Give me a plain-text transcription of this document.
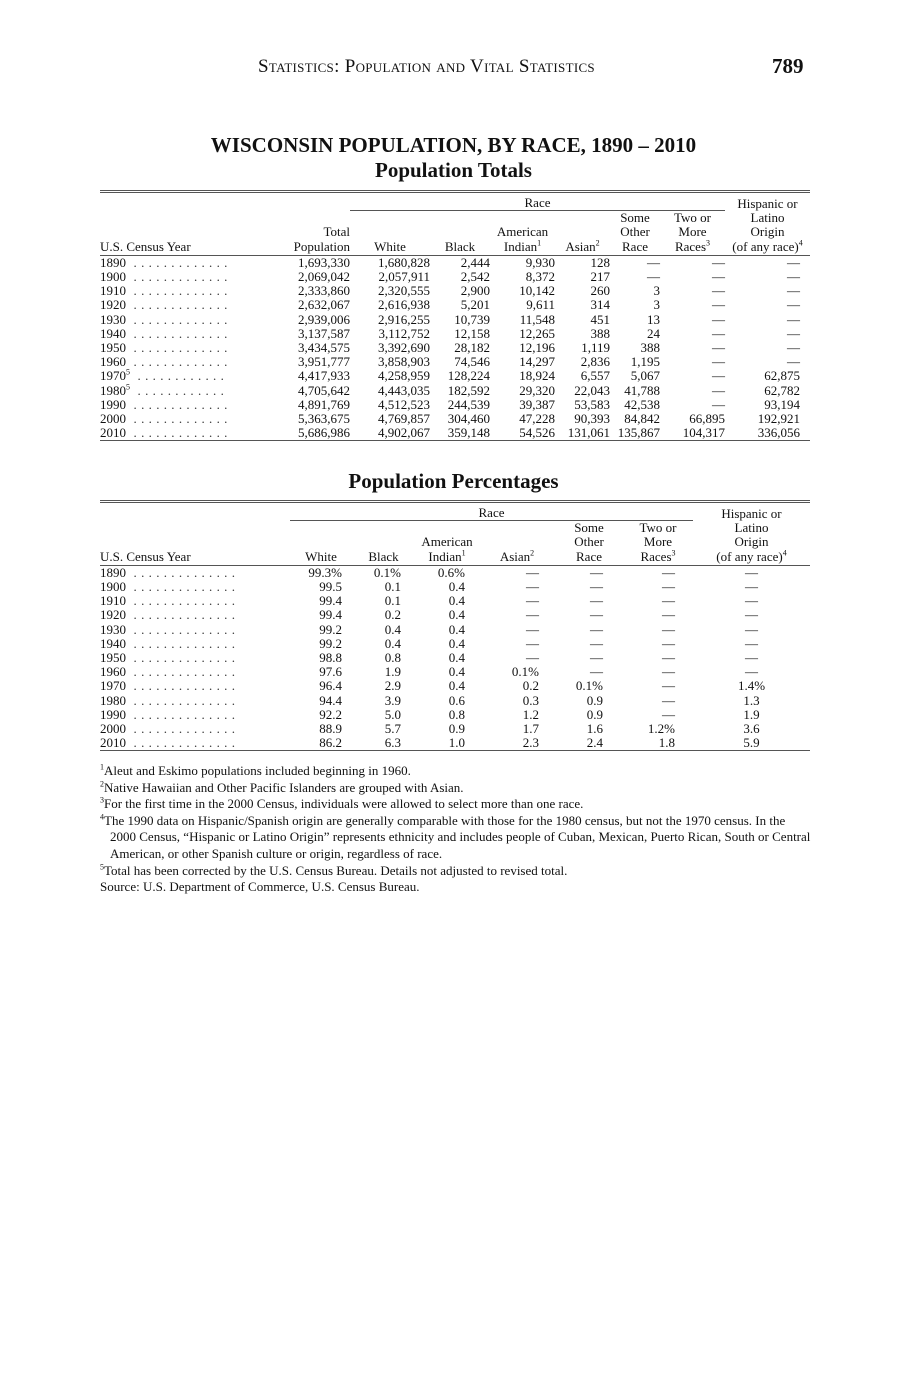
Statistics: Population and Vital Statistics	789
WISCONSIN POPULATION, BY RACE, 1890 – 2010
Population Totals
		Race						Hispanic or
						Some	Two or	Latino
	Total			American		Other	More	Origin
U.S. Census Year	Population	White	Black	Indian$^1$	Asian$^2$	Race	Races$^3$	(of any race)$^4$
1890 .............	1,693,330	1,680,828	2,444	9,930	128	—	—	—
1900 .............	2,069,042	2,057,911	2,542	8,372	217	—	—	—
1910 .............	2,333,860	2,320,555	2,900	10,142	260	3	—	—
1920 .............	2,632,067	2,616,938	5,201	9,611	314	3	—	—
1930 .............	2,939,006	2,916,255	10,739	11,548	451	13	—	—
1940 .............	3,137,587	3,112,752	12,158	12,265	388	24	—	—
1950 .............	3,434,575	3,392,690	28,182	12,196	1,119	388	—	—
1960 .............	3,951,777	3,858,903	74,546	14,297	2,836	1,195	—	—
1970$^5$ ............	4,417,933	4,258,959	128,224	18,924	6,557	5,067	—	62,875
1980$^5$ ............	4,705,642	4,443,035	182,592	29,320	22,043	41,788	—	62,782
1990 .............	4,891,769	4,512,523	244,539	39,387	53,583	42,538	—	93,194
2000 .............	5,363,675	4,769,857	304,460	47,228	90,393	84,842	66,895	192,921
2010 .............	5,686,986	4,902,067	359,148	54,526	131,061	135,867	104,317	336,056
Population Percentages
	Race						Hispanic or
					Some	Two or	Latino
			American		Other	More	Origin
U.S. Census Year	White	Black	Indian$^1$	Asian$^2$	Race	Races$^3$	(of any race)$^4$
1890 ..............	99.3%	0.1%	0.6%	—	—	—	—
1900 ..............	99.5	0.1	0.4	—	—	—	—
1910 ..............	99.4	0.1	0.4	—	—	—	—
1920 ..............	99.4	0.2	0.4	—	—	—	—
1930 ..............	99.2	0.4	0.4	—	—	—	—
1940 ..............	99.2	0.4	0.4	—	—	—	—
1950 ..............	98.8	0.8	0.4	—	—	—	—
1960 ..............	97.6	1.9	0.4	0.1%	—	—	—
1970 ..............	96.4	2.9	0.4	0.2	0.1%	—	1.4%
1980 ..............	94.4	3.9	0.6	0.3	0.9	—	1.3
1990 ..............	92.2	5.0	0.8	1.2	0.9	—	1.9
2000 ..............	88.9	5.7	0.9	1.7	1.6	1.2%	3.6
2010 ..............	86.2	6.3	1.0	2.3	2.4	1.8	5.9
$^1$Aleut and Eskimo populations included beginning in 1960.
$^2$Native Hawaiian and Other Pacific Islanders are grouped with Asian.
$^3$For the first time in the 2000 Census, individuals were allowed to select more than one race.
$^4$The 1990 data on Hispanic/Spanish origin are generally comparable with those for the 1980 census, but not the 1970 census. In the 2000 Census, “Hispanic or Latino Origin” represents ethnicity and includes people of Cuban, Mexican, Puerto Rican, South or Central American, or other Spanish culture or origin, regardless of race.
$^5$Total has been corrected by the U.S. Census Bureau. Details not adjusted to revised total.
Source: U.S. Department of Commerce, U.S. Census Bureau.
